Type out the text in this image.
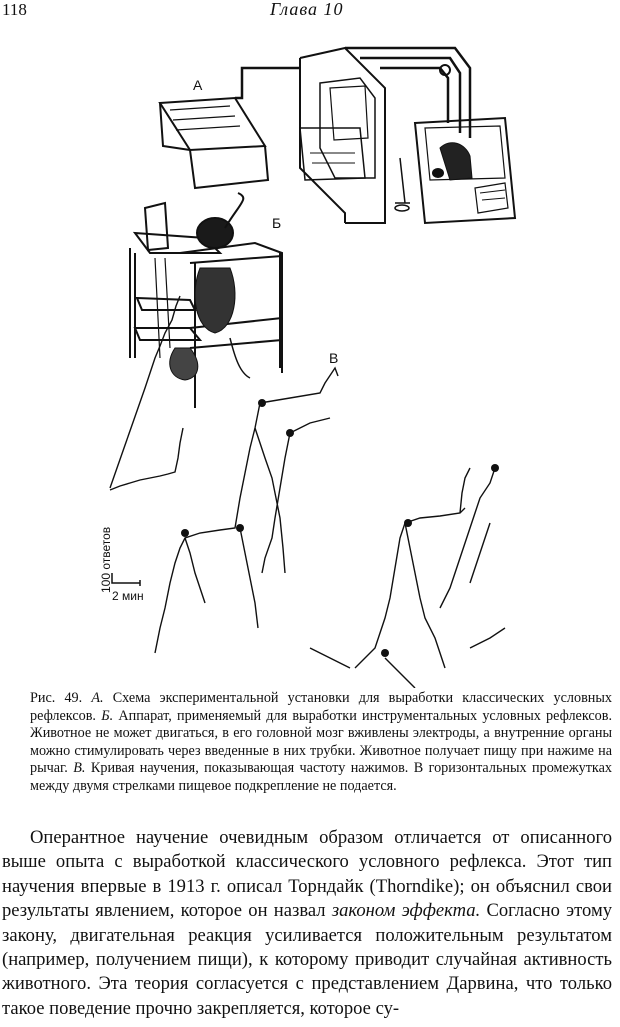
118	Глава 10
А
Б
В
100 ответов
2 мин

Рис. 49. А. Схема экспериментальной установки для выработки классических условных рефлексов. Б. Аппарат, применяемый для выработки инструментальных условных рефлексов. Животное не может двигаться, в его головной мозг вживлены электроды, а внутренние органы можно стимулировать через введенные в них трубки. Животное получает пищу при нажиме на рычаг. В. Кривая научения, показывающая частоту нажимов. В горизонтальных промежутках между двумя стрелками пищевое подкрепление не подается.

Оперантное научение очевидным образом отличается от описанного выше опыта с выработкой классического условного рефлекса. Этот тип научения впервые в 1913 г. описал Торндайк (Thorndike); он объяснил свои результаты явлением, которое он назвал законом эффекта. Согласно этому закону, двигательная реакция усиливается положительным результатом (например, получением пищи), к которому приводит случайная активность животного. Эта теория согласуется с представлением Дарвина, что только такое поведение прочно закрепляется, которое су-
